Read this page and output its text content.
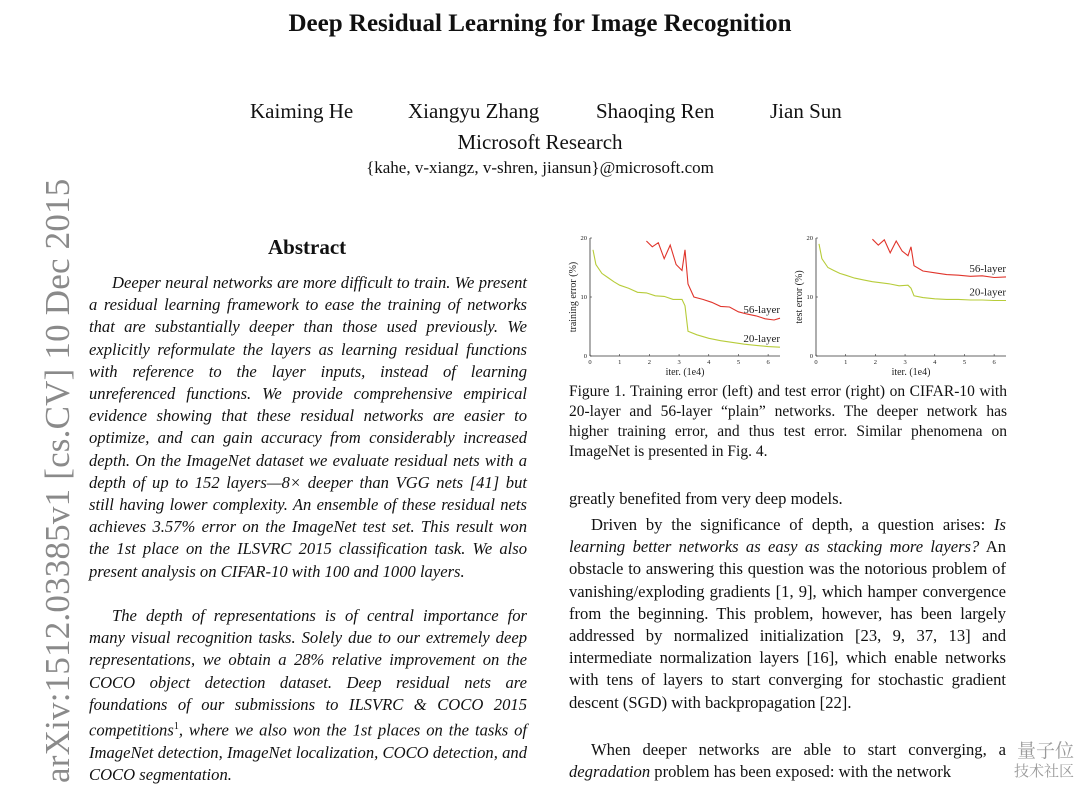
Deep Residual Learning for Image Recognition
Kaiming He	Xiangyu Zhang	Shaoqing Ren	Jian Sun
Microsoft Research
{kahe, v-xiangz, v-shren, jiansun}@microsoft.com
arXiv:1512.03385v1 [cs.CV] 10 Dec 2015	Abstract
Deeper neural networks are more difficult to train. We present a residual learning framework to ease the training of networks that are substantially deeper than those used previously. We explicitly reformulate the layers as learning residual functions with reference to the layer inputs, instead of learning unreferenced functions. We provide comprehensive empirical evidence showing that these residual networks are easier to optimize, and can gain accuracy from considerably increased depth. On the ImageNet dataset we evaluate residual nets with a depth of up to 152 layers—8× deeper than VGG nets [41] but still having lower complexity. An ensemble of these residual nets achieves 3.57% error on the ImageNet test set. This result won the 1st place on the ILSVRC 2015 classification task. We also present analysis on CIFAR-10 with 100 and 1000 layers.
The depth of representations is of central importance for many visual recognition tasks. Solely due to our extremely deep representations, we obtain a 28% relative improvement on the COCO object detection dataset. Deep residual nets are foundations of our submissions to ILSVRC & COCO 2015 competitions$^1$, where we also won the 1st places on the tasks of ImageNet detection, ImageNet localization, COCO detection, and COCO segmentation.
0	1	2	3	4	5	6
0
10
20
iter. (1e4)
training error (%)	56-layer
20-layer
0	1	2	3	4	5	6
0
10
20
iter. (1e4)
test error (%)
56-layer
20-layer
Figure 1. Training error (left) and test error (right) on CIFAR-10 with 20-layer and 56-layer “plain” networks. The deeper network has higher training error, and thus test error. Similar phenomena on ImageNet is presented in Fig. 4.
greatly benefited from very deep models.
Driven by the significance of depth, a question arises: Is learning better networks as easy as stacking more layers? An obstacle to answering this question was the notorious problem of vanishing/exploding gradients [1, 9], which hamper convergence from the beginning. This problem, however, has been largely addressed by normalized initialization [23, 9, 37, 13] and intermediate normalization layers [16], which enable networks with tens of layers to start converging for stochastic gradient descent (SGD) with backpropagation [22].
When deeper networks are able to start converging, a degradation problem has been exposed: with the network
量子位
技术社区
